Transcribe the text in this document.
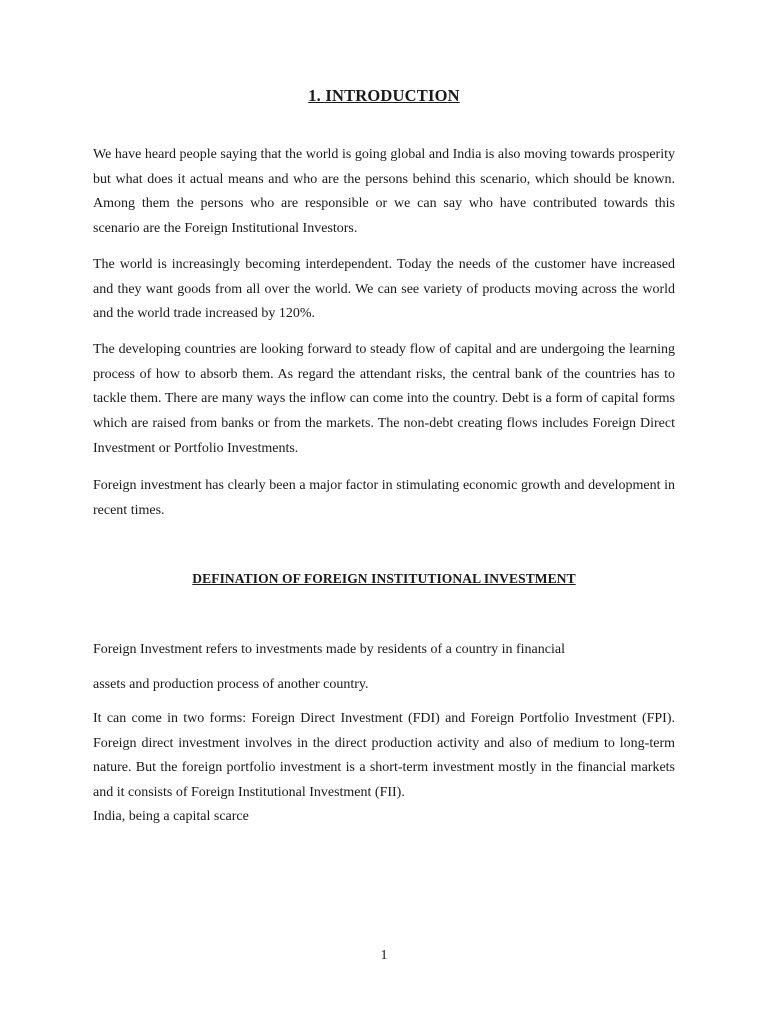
1. INTRODUCTION

We have heard people saying that the world is going global and India is also moving towards prosperity but what does it actual means and who are the persons behind this scenario, which should be known. Among them the persons who are responsible or we can say who have contributed towards this scenario are the Foreign Institutional Investors.

The world is increasingly becoming interdependent. Today the needs of the customer have increased and they want goods from all over the world. We can see variety of products moving across the world and the world trade increased by 120%.

The developing countries are looking forward to steady flow of capital and are undergoing the learning process of how to absorb them. As regard the attendant risks, the central bank of the countries has to tackle them. There are many ways the inflow can come into the country. Debt is a form of capital forms which are raised from banks or from the markets. The non-debt creating flows includes Foreign Direct Investment or Portfolio Investments.

Foreign investment has clearly been a major factor in stimulating economic growth and development in recent times.

DEFINATION OF FOREIGN INSTITUTIONAL INVESTMENT

Foreign Investment refers to investments made by residents of a country in financial

assets and production process of another country.

It can come in two forms: Foreign Direct Investment (FDI) and Foreign Portfolio Investment (FPI). Foreign direct investment involves in the direct production activity and also of medium to long-term nature. But the foreign portfolio investment is a short-term investment mostly in the financial markets and it consists of Foreign Institutional Investment (FII).

India, being a capital scarce

1
